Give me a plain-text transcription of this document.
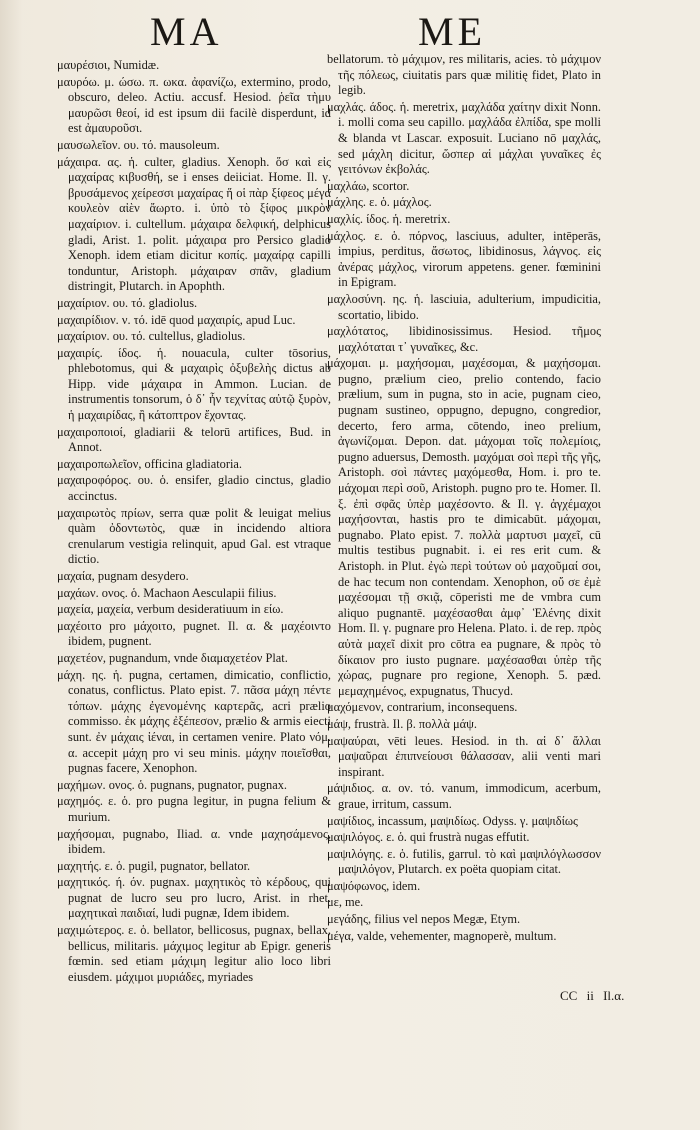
MA	ME

μαυρέσιοι, Numidæ.

μαυρόω. μ. ώσω. π. ωκα. ἀφανίζω, extermino, prodo, obscuro, deleo. Actiu. accusf. Hesiod. ῥεῖα τὴμυ μαυρῶσι θεοί, id est ipsum dii facilè disperdunt, id est ἀμαυροῦσι.

μαυσωλεῖον. ου. τό. mausoleum.

μάχαιρα. ας. ἡ. culter, gladius. Xenoph. ὅσ καὶ εἰς μαχαίρας κιβυσθή, se i enses deiiciat. Home. Il. γ. βρυσάμενος χείρεσσι μαχαίρας ἥ οἱ πὰρ ξίφεος μέγα κουλεὸν αἰὲν ἄωρτο. i. ὑπὸ τὸ ξίφος μικρὸν μαχαίριον. i. cultellum. μάχαιρα δελφική, delphicus gladi, Arist. 1. polit. μάχαιρα pro Persico gladio Xenoph. idem etiam dicitur κοπίς. μαχαίρᾳ capilli tonduntur, Aristoph. μάχαιραν σπᾶν, gladium distringit, Plutarch. in Apophth.

μαχαίριον. ου. τό. gladiolus.

μαχαιρίδιον. ν. τό. idē quod μαχαιρίς, apud Luc.

μαχαίριον. ου. τό. cultellus, gladiolus.

μαχαιρίς. ίδος. ἡ. nouacula, culter tōsorius, phlebotomus, qui & μαχαιρὶς ὀξυβελὴς dictus ab Hipp. vide μάχαιρα in Ammon. Lucian. de instrumentis tonsorum, ὁ δ᾽ ἦν τεχνίτας αὐτῷ ξυρὸν, ἡ μαχαιρίδας, ἢ κάτοπτρον ἔχοντας.

μαχαιροποιοί, gladiarii & telorū artifices, Bud. in Annot.

μαχαιροπωλεῖον, officina gladiatoria.

μαχαιροφόρος. ου. ὁ. ensifer, gladio cinctus, gladio accinctus.

μαχαιρωτὸς πρίων, serra quæ polit & leuigat melius quàm ὀδοντωτὸς, quæ in incidendo altiora crenularum vestigia relinquit, apud Gal. est vtraque dictio.

μαχαία, pugnam desydero.

μαχάων. ονος. ὁ. Machaon Aesculapii filius.

μαχεία, μαχεία, verbum desideratiuum in είω.

μαχέοιτο pro μάχοιτο, pugnet. Il. α. & μαχέοιντο ibidem, pugnent.

μαχετέον, pugnandum, vnde διαμαχετέον Plat.

μάχη. ης. ἡ. pugna, certamen, dimicatio, conflictio, conatus, conflictus. Plato epist. 7. πᾶσα μάχη πέντε τόπων. μάχης ἐγενομένης καρτερᾶς, acri prælio commisso. ἐκ μάχης ἐξέπεσον, prælio & armis eiecti sunt. ἐν μάχαις ἰέναι, in certamen venire. Plato νόμ. α. accepit μάχη pro vi seu minis. μάχην ποιεῖσθαι, pugnas facere, Xenophon.

μαχήμων. ονος. ὁ. pugnans, pugnator, pugnax.

μαχημός. ε. ὁ. pro pugna legitur, in pugna felium & murium.

μαχήσομαι, pugnabo, Iliad. α. vnde μαχησάμενος, ibidem.

μαχητής. ε. ὁ. pugil, pugnator, bellator.

μαχητικός. ή. όν. pugnax. μαχητικὸς τὸ κέρδους, qui pugnat de lucro seu pro lucro, Arist. in rhet. μαχητικαὶ παιδιαί, ludi pugnæ, Idem ibidem.

μαχιμώτερος. ε. ὁ. bellator, bellicosus, pugnax, bellax, bellicus, militaris. μάχιμος legitur ab Epigr. generis fœmin. sed etiam μάχιμη legitur alio loco libri eiusdem. μάχιμοι μυριάδες, myriades

bellatorum. τὸ μάχιμον, res militaris, acies. τὸ μάχιμον τῆς πόλεως, ciuitatis pars quæ militię fidet, Plato in legib.

μαχλάς. άδος. ἡ. meretrix, μαχλάδα χαίτην dixit Nonn. i. molli coma seu capillo. μαχλάδα ἐλπίδα, spe molli & blanda vt Lascar. exposuit. Luciano nō μαχλάς, sed μάχλη dicitur, ὥσπερ αἱ μάχλαι γυναῖκες ἐς γειτόνων ἐκβολάς.

μαχλάω, scortor.

μάχλης. ε. ὁ. μάχλος.

μαχλίς. ίδος. ἡ. meretrix.

μάχλος. ε. ὁ. πόρνος, lasciuus, adulter, intēperās, impius, perditus, ἄσωτος, libidinosus, λάγνος. εἰς ἀνέρας μάχλος, virorum appetens. gener. fœminini in Epigram.

μαχλοσύνη. ης. ἡ. lasciuia, adulterium, impudicitia, scortatio, libido.

μαχλότατος, libidinosissimus. Hesiod. τῆμος μαχλόταται τ᾽ γυναῖκες, &c.

μάχομαι. μ. μαχήσομαι, μαχέσομαι, & μαχήσομαι. pugno, prælium cieo, prelio contendo, facio prælium, sum in pugna, sto in acie, pugnam cieo, pugnam sustineo, oppugno, depugno, congredior, decerto, fero arma, cōtendo, ineo prelium, ἀγωνίζομαι. Depon. dat. μάχομαι τοῖς πολεμίοις, pugno aduersus, Demosth. μαχόμαι σοὶ περὶ τῆς γῆς, Aristoph. σοὶ πάντες μαχόμεσθα, Hom. i. pro te. μάχομαι περὶ σοῦ, Aristoph. pugno pro te. Homer. Il. ξ. ἐπὶ σφᾶς ὑπὲρ μαχέσοντο. & Il. γ. ἀγχέμαχοι μαχήσονται, hastis pro te dimicabūt. μάχομαι, pugnabo. Plato epist. 7. πολλὰ μαρτυσι μαχεῖ, cū multis testibus pugnabit. i. ei res erit cum. & Aristoph. in Plut. ἐγὼ περὶ τούτων οὐ μαχοῦμαί σοι, de hac tecum non contendam. Xenophon, οὔ σε ἐμὲ μαχέσομαι τῇ σκιᾷ, cōperisti me de vmbra cum aliquo pugnantē. μαχέσασθαι ἀμφ᾽ Ἑλένης dixit Hom. Il. γ. pugnare pro Helena. Plato. i. de rep. πρὸς αὐτὰ μαχεῖ dixit pro cōtra ea pugnare, & πρὸς τὸ δίκαιον pro iusto pugnare. μαχέσασθαι ὑπὲρ τῆς χώρας, pugnare pro regione, Xenoph. 5. pæd. μεμαχημένος, expugnatus, Thucyd.

μαχόμενον, contrarium, inconsequens.

μάψ, frustrà. Il. β. πολλὰ μάψ.

μαψαύραι, vēti leues. Hesiod. in th. αἱ δ᾽ ἄλλαι μαψαῦραι ἐπιπνείουσι θάλασσαν, alii venti mari inspirant.

μάψιδιος. α. ον. τό. vanum, immodicum, acerbum, graue, irritum, cassum.

μαψίδιος, incassum, μαψιδίως. Odyss. γ. μαψιδίως

μαψιλόγος. ε. ὁ. qui frustrà nugas effutit.

μαψιλόγης. ε. ὁ. futilis, garrul. τὸ καὶ μαψιλόγλωσσον μαψιλόγον, Plutarch. ex poëta quopiam citat.

μαψόφωνος, idem.

με, me.

μεγάδης, filius vel nepos Megæ, Etym.

μέγα, valde, vehementer, magnoperè, multum.

CC ii Il.α.
